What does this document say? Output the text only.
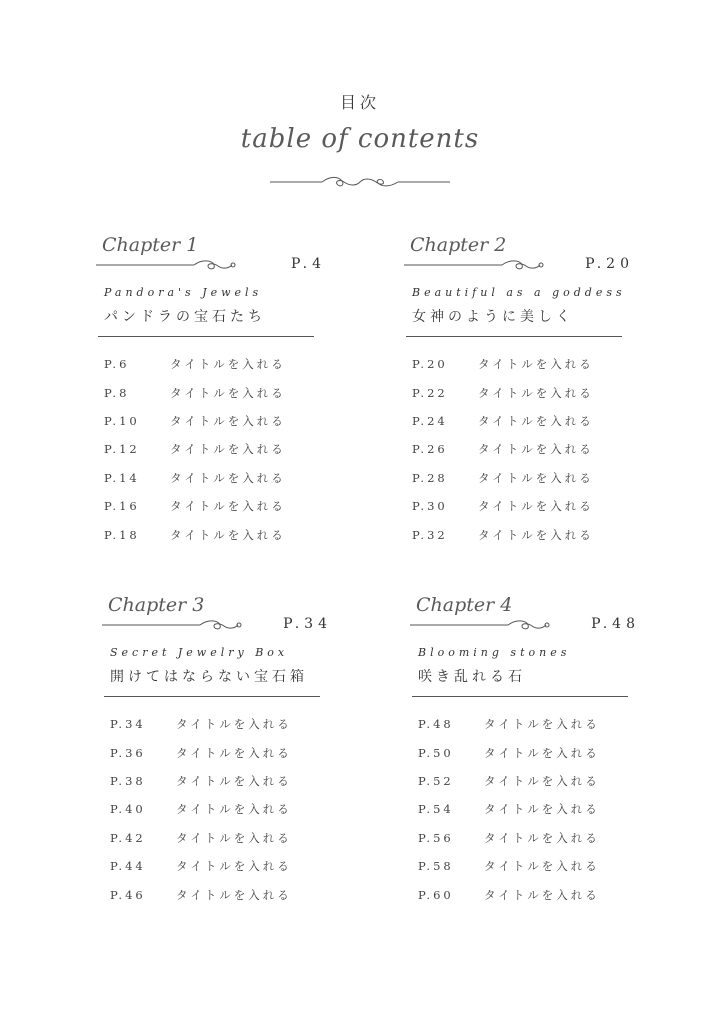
目次
table of contents
Chapter 1
P.4
Pandora's Jewels
パンドラの宝石たち
P.6	タイトルを入れる
P.8	タイトルを入れる
P.10	タイトルを入れる
P.12	タイトルを入れる
P.14	タイトルを入れる
P.16	タイトルを入れる
P.18	タイトルを入れる
Chapter 2
P.20
Beautiful as a goddess
女神のように美しく
P.20	タイトルを入れる
P.22	タイトルを入れる
P.24	タイトルを入れる
P.26	タイトルを入れる
P.28	タイトルを入れる
P.30	タイトルを入れる
P.32	タイトルを入れる
Chapter 3
P.34
Secret Jewelry Box
開けてはならない宝石箱
P.34	タイトルを入れる
P.36	タイトルを入れる
P.38	タイトルを入れる
P.40	タイトルを入れる
P.42	タイトルを入れる
P.44	タイトルを入れる
P.46	タイトルを入れる
Chapter 4
P.48
Blooming stones
咲き乱れる石
P.48	タイトルを入れる
P.50	タイトルを入れる
P.52	タイトルを入れる
P.54	タイトルを入れる
P.56	タイトルを入れる
P.58	タイトルを入れる
P.60	タイトルを入れる
